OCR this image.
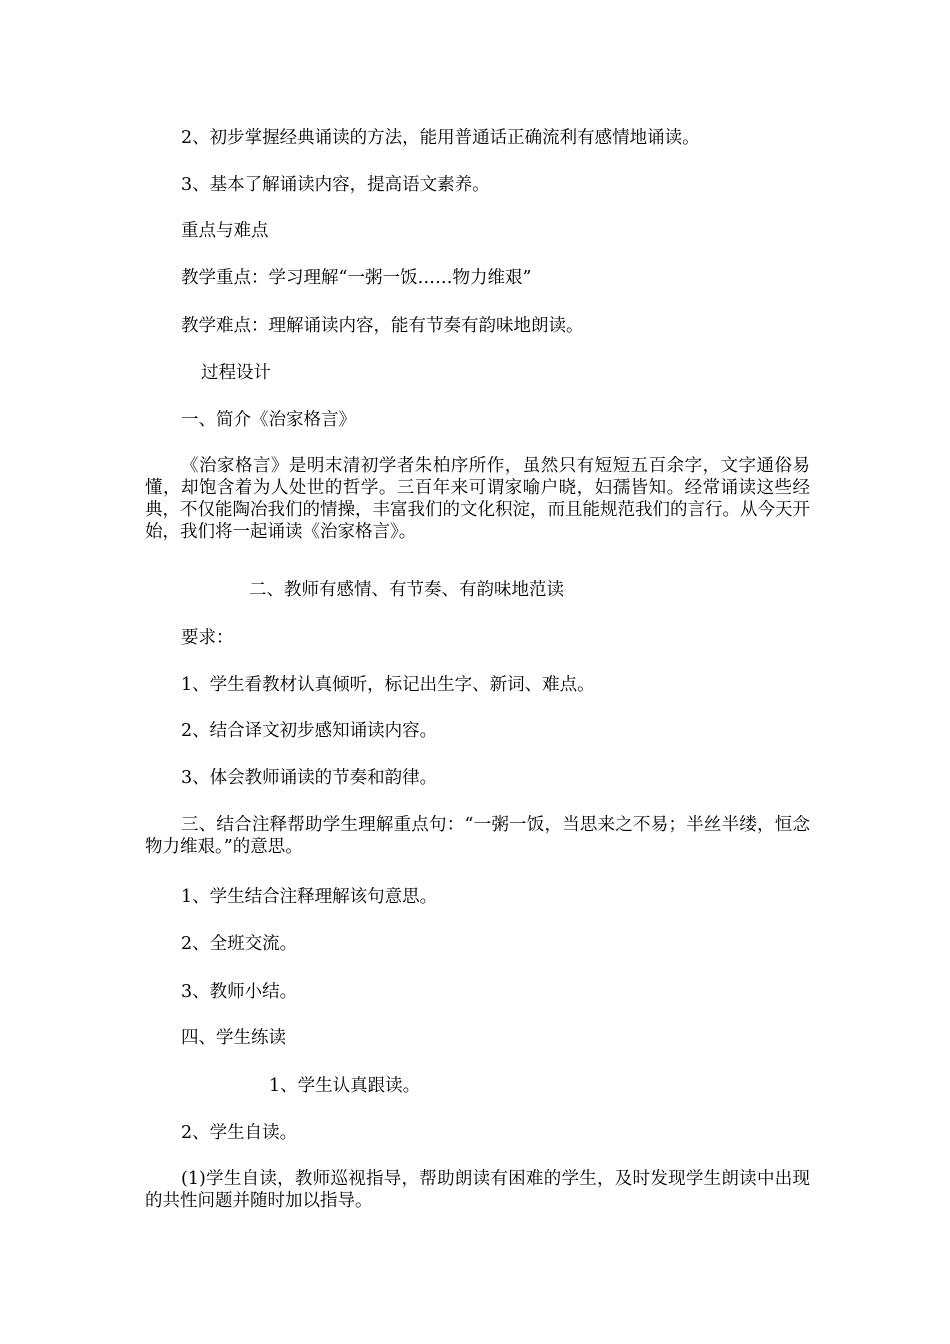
2、初步掌握经典诵读的方法，能用普通话正确流利有感情地诵读。

3、基本了解诵读内容，提高语文素养。

重点与难点

教学重点：学习理解“一粥一饭……物力维艰”

教学难点：理解诵读内容，能有节奏有韵味地朗读。

过程设计

一、简介《治家格言》

《治家格言》是明末清初学者朱柏序所作，虽然只有短短五百余字，文字通俗易懂，却饱含着为人处世的哲学。三百年来可谓家喻户晓，妇孺皆知。经常诵读这些经典，不仅能陶冶我们的情操，丰富我们的文化积淀，而且能规范我们的言行。从今天开始，我们将一起诵读《治家格言》。

二、教师有感情、有节奏、有韵味地范读

要求：

1、学生看教材认真倾听，标记出生字、新词、难点。

2、结合译文初步感知诵读内容。

3、体会教师诵读的节奏和韵律。

三、结合注释帮助学生理解重点句：“一粥一饭，当思来之不易；半丝半缕，恒念物力维艰。”的意思。

1、学生结合注释理解该句意思。

2、全班交流。

3、教师小结。

四、学生练读

1、学生认真跟读。

2、学生自读。

(1)学生自读，教师巡视指导，帮助朗读有困难的学生，及时发现学生朗读中出现的共性问题并随时加以指导。
